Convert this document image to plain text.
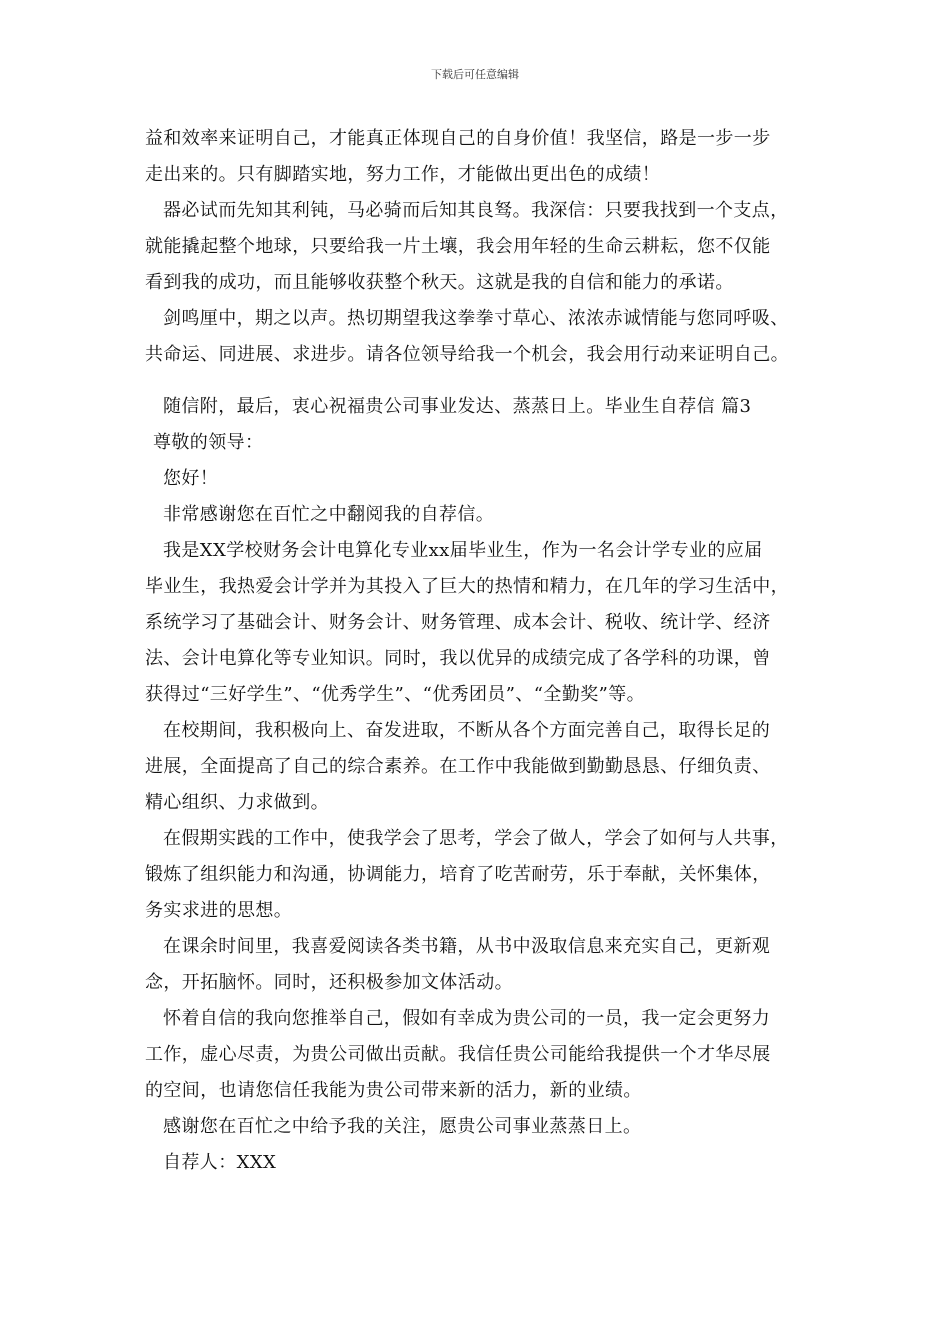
下载后可任意编辑
益和效率来证明自己，才能真正体现自己的自身价值！我坚信，路是一步一步
走出来的。只有脚踏实地，努力工作，才能做出更出色的成绩！
器必试而先知其利钝，马必骑而后知其良驽。我深信：只要我找到一个支点，
就能撬起整个地球，只要给我一片土壤，我会用年轻的生命云耕耘，您不仅能
看到我的成功，而且能够收获整个秋天。这就是我的自信和能力的承诺。
剑鸣厘中，期之以声。热切期望我这拳拳寸草心、浓浓赤诚情能与您同呼吸、
共命运、同进展、求进步。请各位领导给我一个机会，我会用行动来证明自己。
随信附，最后，衷心祝福贵公司事业发达、蒸蒸日上。毕业生自荐信 篇3
尊敬的领导：
您好！
非常感谢您在百忙之中翻阅我的自荐信。
我是XX学校财务会计电算化专业xx届毕业生，作为一名会计学专业的应届
毕业生，我热爱会计学并为其投入了巨大的热情和精力，在几年的学习生活中，
系统学习了基础会计、财务会计、财务管理、成本会计、税收、统计学、经济
法、会计电算化等专业知识。同时，我以优异的成绩完成了各学科的功课，曾
获得过“三好学生”、“优秀学生”、“优秀团员”、“全勤奖”等。
在校期间，我积极向上、奋发进取，不断从各个方面完善自己，取得长足的
进展，全面提高了自己的综合素养。在工作中我能做到勤勤恳恳、仔细负责、
精心组织、力求做到。
在假期实践的工作中，使我学会了思考，学会了做人，学会了如何与人共事，
锻炼了组织能力和沟通，协调能力，培育了吃苦耐劳，乐于奉献，关怀集体，
务实求进的思想。
在课余时间里，我喜爱阅读各类书籍，从书中汲取信息来充实自己，更新观
念，开拓脑怀。同时，还积极参加文体活动。
怀着自信的我向您推举自己，假如有幸成为贵公司的一员，我一定会更努力
工作，虚心尽责，为贵公司做出贡献。我信任贵公司能给我提供一个才华尽展
的空间，也请您信任我能为贵公司带来新的活力，新的业绩。
感谢您在百忙之中给予我的关注，愿贵公司事业蒸蒸日上。
自荐人：XXX
